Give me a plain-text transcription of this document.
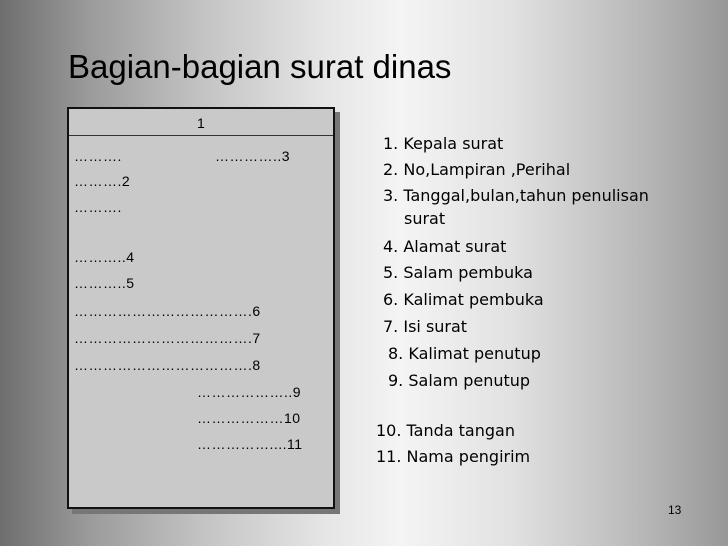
Bagian-bagian surat dinas
1
……….	…………..3
……….2
……….
………..4
………..5
……………………………….6
……………………………….7
……………………………….8
………………..9
………………10
……………....11
1. Kepala surat
2. No,Lampiran ,Perihal
3. Tanggal,bulan,tahun penulisan
surat
4. Alamat surat
5. Salam pembuka
6. Kalimat pembuka
7. Isi surat
8. Kalimat penutup
9. Salam penutup
10. Tanda tangan
11. Nama pengirim
13
